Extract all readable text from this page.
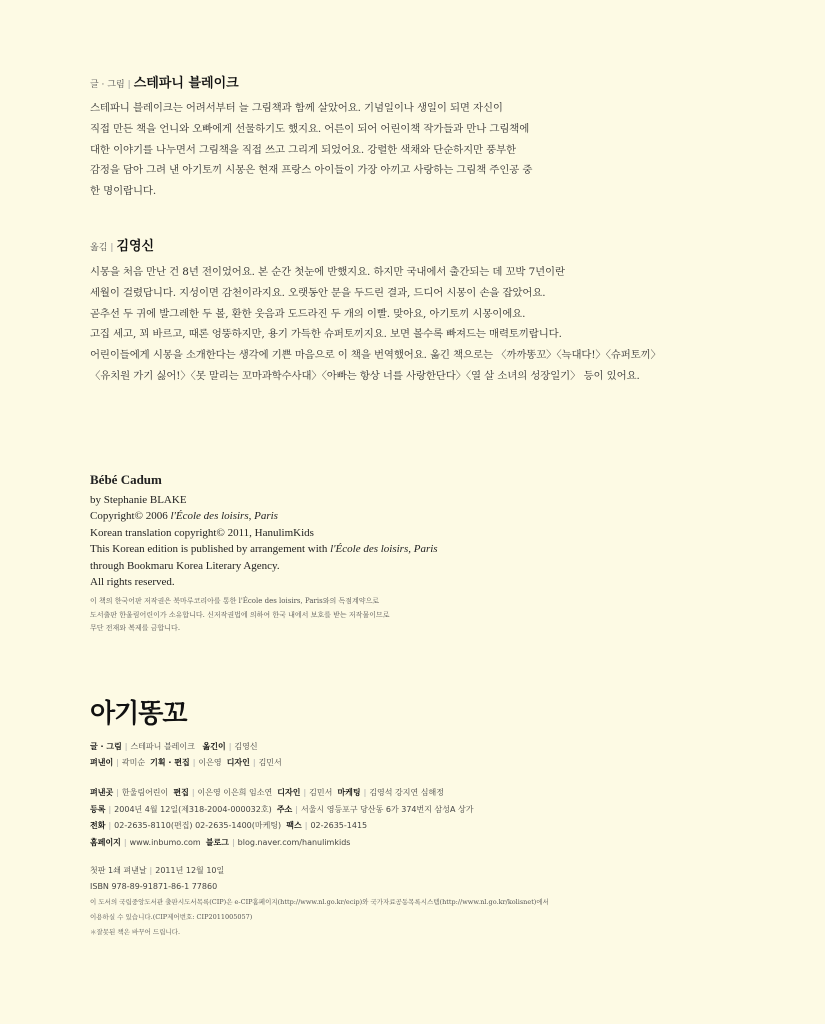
글 · 그림 | 스테파니 블레이크
스테파니 블레이크는 어려서부터 늘 그림책과 함께 살았어요. 기념일이나 생일이 되면 자신이
직접 만든 책을 언니와 오빠에게 선물하기도 했지요. 어른이 되어 어린이책 작가들과 만나 그림책에
대한 이야기를 나누면서 그림책을 직접 쓰고 그리게 되었어요. 강렬한 색채와 단순하지만 풍부한
감정을 담아 그려 낸 아기토끼 시몽은 현재 프랑스 아이들이 가장 아끼고 사랑하는 그림책 주인공 중
한 명이랍니다.
옮김 | 김영신
시몽을 처음 만난 건 8년 전이었어요. 본 순간 첫눈에 반했지요. 하지만 국내에서 출간되는 데 꼬박 7년이란
세월이 걸렸답니다. 지성이면 감천이라지요. 오랫동안 문을 두드린 결과, 드디어 시몽이 손을 잡았어요.
곧추선 두 귀에 발그레한 두 볼, 환한 웃음과 도드라진 두 개의 이빨. 맞아요, 아기토끼 시몽이에요.
고집 세고, 꾀 바르고, 때론 엉뚱하지만, 용기 가득한 슈퍼토끼지요. 보면 볼수록 빠져드는 매력토끼랍니다.
어린이들에게 시몽을 소개한다는 생각에 기쁜 마음으로 이 책을 번역했어요. 옮긴 책으로는 〈까까똥꼬〉〈늑대다!〉〈슈퍼토끼〉
〈유치원 가기 싫어!〉〈못 말리는 꼬마과학수사대〉〈아빠는 항상 너를 사랑한단다〉〈열 살 소녀의 성장일기〉 등이 있어요.
Bébé Cadum
by Stephanie BLAKE
Copyright© 2006 l'École des loisirs, Paris
Korean translation copyright© 2011, HanulimKids
This Korean edition is published by arrangement with l'École des loisirs, Paris
through Bookmaru Korea Literary Agency.
All rights reserved.
이 책의 한국어판 저작권은 북마루코리아를 통한 l'École des loisirs, Paris와의 독점계약으로
도서출판 한울림어린이가 소유합니다. 신저작권법에 의하여 한국 내에서 보호를 받는 저작물이므로
무단 전재와 복제를 금합니다.
아기똥꼬
글 · 그림 | 스테파니 블레이크 옮긴이 | 김영신
펴낸이 | 곽미순 기획 · 편집 | 이은영 디자인 | 김민서
펴낸곳 | 한울림어린이 편집 | 이은영 이은희 임소연 디자인 | 김민서 마케팅 | 김영석 강지연 심해정
등록 | 2004년 4월 12일(제318-2004-000032호) 주소 | 서울시 영등포구 당산동 6가 374번지 삼성A 상가
전화 | 02-2635-8110(편집) 02-2635-1400(마케팅) 팩스 | 02-2635-1415
홈페이지 | www.inbumo.com 블로그 | blog.naver.com/hanulimkids
첫판 1쇄 펴낸날 | 2011년 12월 10일
ISBN 978-89-91871-86-1 77860
이 도서의 국립중앙도서관 출판시도서목록(CIP)은 e-CIP홈페이지(http://www.nl.go.kr/ecip)와 국가자료공동목록시스템(http://www.nl.go.kr/kolisnet)에서
이용하실 수 있습니다.(CIP제어번호: CIP2011005057)
＊잘못된 책은 바꾸어 드립니다.
